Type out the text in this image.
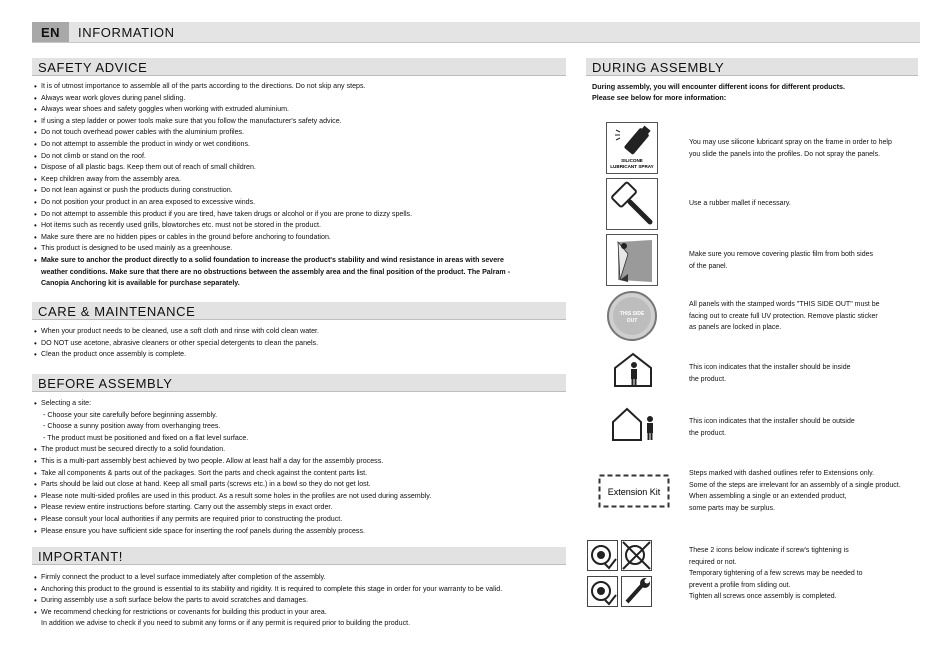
EN	INFORMATION
SAFETY ADVICE
• It is of utmost importance to assemble all of the parts according to the directions. Do not skip any steps.
• Always wear work gloves during panel sliding.
• Always wear shoes and safety goggles when working with extruded aluminium.
• If using a step ladder or power tools make sure that you follow the manufacturer's safety advice.
• Do not touch overhead power cables with the aluminium profiles.
• Do not attempt to assemble the product in windy or wet conditions.
• Do not climb or stand on the roof.
• Dispose of all plastic bags. Keep them out of reach of small children.
• Keep children away from the assembly area.
• Do not lean against or push the products during construction.
• Do not position your product in an area exposed to excessive winds.
• Do not attempt to assemble this product if you are tired, have taken drugs or alcohol or if you are prone to dizzy spells.
• Hot items such as recently used grills, blowtorches etc. must not be stored in the product.
• Make sure there are no hidden pipes or cables in the ground before anchoring to foundation.
• This product is designed to be used mainly as a greenhouse.
• Make sure to anchor the product directly to a solid foundation to increase the product's stability and wind resistance in areas with severe weather conditions. Make sure that there are no obstructions between the assembly area and the final position of the product. The Palram - Canopia Anchoring kit is available for purchase separately.
CARE & MAINTENANCE
• When your product needs to be cleaned, use a soft cloth and rinse with cold clean water.
• DO NOT use acetone, abrasive cleaners or other special detergents to clean the panels.
• Clean the product once assembly is complete.
BEFORE ASSEMBLY
• Selecting a site:
- Choose your site carefully before beginning assembly.
- Choose a sunny position away from overhanging trees.
- The product must be positioned and fixed on a flat level surface.
• The product must be secured directly to a solid foundation.
• This is a multi-part assembly best achieved by two people. Allow at least half a day for the assembly process.
• Take all components & parts out of the packages. Sort the parts and check against the content parts list.
• Parts should be laid out close at hand. Keep all small parts (screws etc.) in a bowl so they do not get lost.
• Please note multi-sided profiles are used in this product. As a result some holes in the profiles are not used during assembly.
• Please review entire instructions before starting. Carry out the assembly steps in exact order.
• Please consult your local authorities if any permits are required prior to constructing the product.
• Please ensure you have sufficient side space for inserting the roof panels during the assembly process.
IMPORTANT!
• Firmly connect the product to a level surface immediately after completion of the assembly.
• Anchoring this product to the ground is essential to its stability and rigidity. It is required to complete this stage in order for your warranty to be valid.
• During assembly use a soft surface below the parts to avoid scratches and damages.
• We recommend checking for restrictions or covenants for building this product in your area.
In addition we advise to check if you need to submit any forms or if any permit is required prior to building the product.
DURING ASSEMBLY
During assembly, you will encounter different icons for different products.
Please see below for more information:
SILICONE
LUBRICANT SPRAY
You may use silicone lubricant spray on the frame in order to help
you slide the panels into the profiles. Do not spray the panels.
Use a rubber mallet if necessary.
Make sure you remove covering plastic film from both sides
of the panel.
THIS SIDE
OUT
All panels with the stamped words "THIS SIDE OUT" must be
facing out to create full UV protection. Remove plastic sticker
as panels are locked in place.
This icon indicates that the installer should be inside
the product.
This icon indicates that the installer should be outside
the product.
Extension Kit
Steps marked with dashed outlines refer to Extensions only.
Some of the steps are irrelevant for an assembly of a single product.
When assembling a single or an extended product,
some parts may be surplus.
These 2 icons below indicate if screw's tightening is
required or not.
Temporary tightening of a few screws may be needed to
prevent a profile from sliding out.
Tighten all screws once assembly is completed.
